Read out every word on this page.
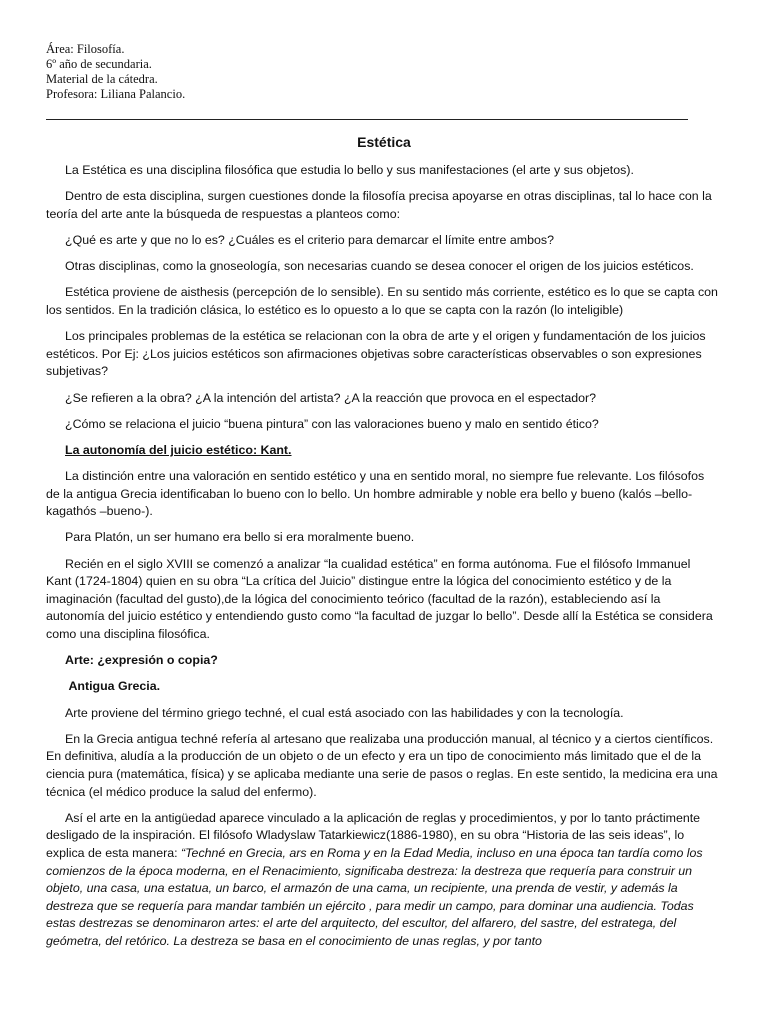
Área: Filosofía.
6º año de secundaria.
Material de la cátedra.
Profesora: Liliana Palancio.
Estética

La Estética es una disciplina filosófica que estudia lo bello y sus manifestaciones (el arte y sus objetos).

Dentro de esta disciplina, surgen cuestiones donde la filosofía precisa apoyarse en otras disciplinas, tal lo hace con la teoría del arte ante la búsqueda de respuestas a planteos como:

¿Qué es arte y que no lo es? ¿Cuáles es el criterio para demarcar el límite entre ambos?

Otras disciplinas, como la gnoseología, son necesarias cuando se desea conocer el origen de los juicios estéticos.

Estética proviene de aisthesis (percepción de lo sensible). En su sentido más corriente, estético es lo que se capta con los sentidos. En la tradición clásica, lo estético es lo opuesto a lo que se capta con la razón (lo inteligible)

Los principales problemas de la estética se relacionan con la obra de arte y el origen y fundamentación de los juicios estéticos. Por Ej: ¿Los juicios estéticos son afirmaciones objetivas sobre características observables o son expresiones subjetivas?

¿Se refieren a la obra? ¿A la intención del artista? ¿A la reacción que provoca en el espectador?

¿Cómo se relaciona el juicio “buena pintura” con las valoraciones bueno y malo en sentido ético?

La autonomía del juicio estético: Kant.

La distinción entre una valoración en sentido estético y una en sentido moral, no siempre fue relevante. Los filósofos de la antigua Grecia identificaban lo bueno con lo bello. Un hombre admirable y noble era bello y bueno (kalós –bello- kagathós –bueno-).

Para Platón, un ser humano era bello si era moralmente bueno.

Recién en el siglo XVIII se comenzó a analizar “la cualidad estética” en forma autónoma. Fue el filósofo Immanuel Kant (1724-1804) quien en su obra “La crítica del Juicio” distingue entre la lógica del conocimiento estético y de la imaginación (facultad del gusto),de la lógica del conocimiento teórico (facultad de la razón), estableciendo así la autonomía del juicio estético y entendiendo gusto como “la facultad de juzgar lo bello”. Desde allí la Estética se considera como una disciplina filosófica.

Arte: ¿expresión o copia?

Antigua Grecia.

Arte proviene del término griego techné, el cual está asociado con las habilidades y con la tecnología.

En la Grecia antigua techné refería al artesano que realizaba una producción manual, al técnico y a ciertos científicos. En definitiva, aludía a la producción de un objeto o de un efecto y era un tipo de conocimiento más limitado que el de la ciencia pura (matemática, física) y se aplicaba mediante una serie de pasos o reglas. En este sentido, la medicina era una técnica (el médico produce la salud del enfermo).

Así el arte en la antigüedad aparece vinculado a la aplicación de reglas y procedimientos, y por lo tanto práctimente desligado de la inspiración. El filósofo Wladyslaw Tatarkiewicz(1886-1980), en su obra “Historia de las seis ideas”, lo explica de esta manera: “Techné en Grecia, ars en Roma y en la Edad Media, incluso en una época tan tardía como los comienzos de la época moderna, en el Renacimiento, significaba destreza: la destreza que requería para construir un objeto, una casa, una estatua, un barco, el armazón de una cama, un recipiente, una prenda de vestir, y además la destreza que se requería para mandar también un ejército , para medir un campo, para dominar una audiencia. Todas estas destrezas se denominaron artes: el arte del arquitecto, del escultor, del alfarero, del sastre, del estratega, del geómetra, del retórico. La destreza se basa en el conocimiento de unas reglas, y por tanto
